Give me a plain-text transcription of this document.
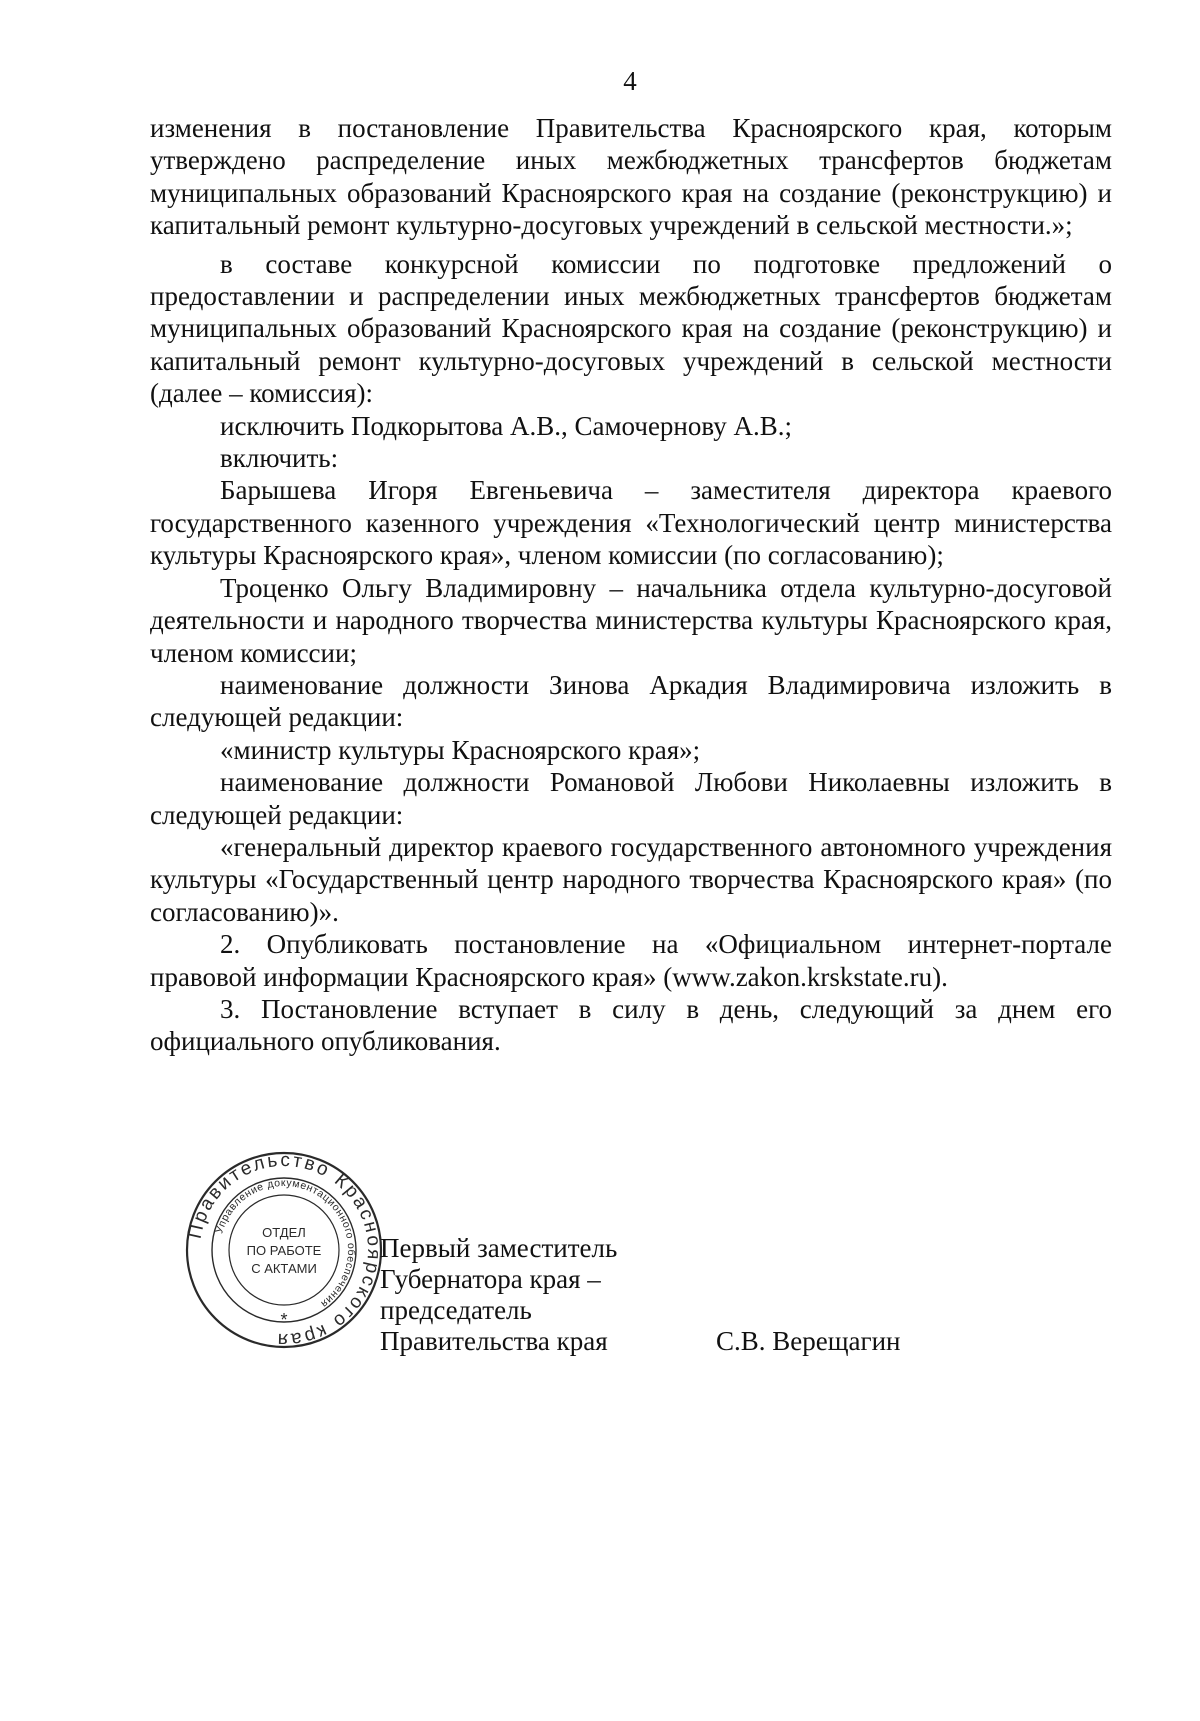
4

изменения в постановление Правительства Красноярского края, которым утверждено распределение иных межбюджетных трансфертов бюджетам муниципальных образований Красноярского края на создание (реконструкцию) и капитальный ремонт культурно-досуговых учреждений в сельской местности.»;

в составе конкурсной комиссии по подготовке предложений о предоставлении и распределении иных межбюджетных трансфертов бюджетам муниципальных образований Красноярского края на создание (реконструкцию) и капитальный ремонт культурно-досуговых учреждений в сельской местности (далее – комиссия):

исключить Подкорытова А.В., Самочернову А.В.;

включить:

Барышева Игоря Евгеньевича – заместителя директора краевого государственного казенного учреждения «Технологический центр министерства культуры Красноярского края», членом комиссии (по согласованию);

Троценко Ольгу Владимировну – начальника отдела культурно-досуговой деятельности и народного творчества министерства культуры Красноярского края, членом комиссии;

наименование должности Зинова Аркадия Владимировича изложить в следующей редакции:

«министр культуры Красноярского края»;

наименование должности Романовой Любови Николаевны изложить в следующей редакции:

«генеральный директор краевого государственного автономного учреждения культуры «Государственный центр народного творчества Красноярского края» (по согласованию)».

2. Опубликовать постановление на «Официальном интернет-портале правовой информации Красноярского края» (www.zakon.krskstate.ru).

3. Постановление вступает в силу в день, следующий за днем его официального опубликования.

Правительство Красноярского края
Управление документационного обеспечения
ОТДЕЛ
ПО РАБОТЕ
С АКТАМИ
*
Первый заместитель
Губернатора края –
председатель
Правительства края	С.В. Верещагин
